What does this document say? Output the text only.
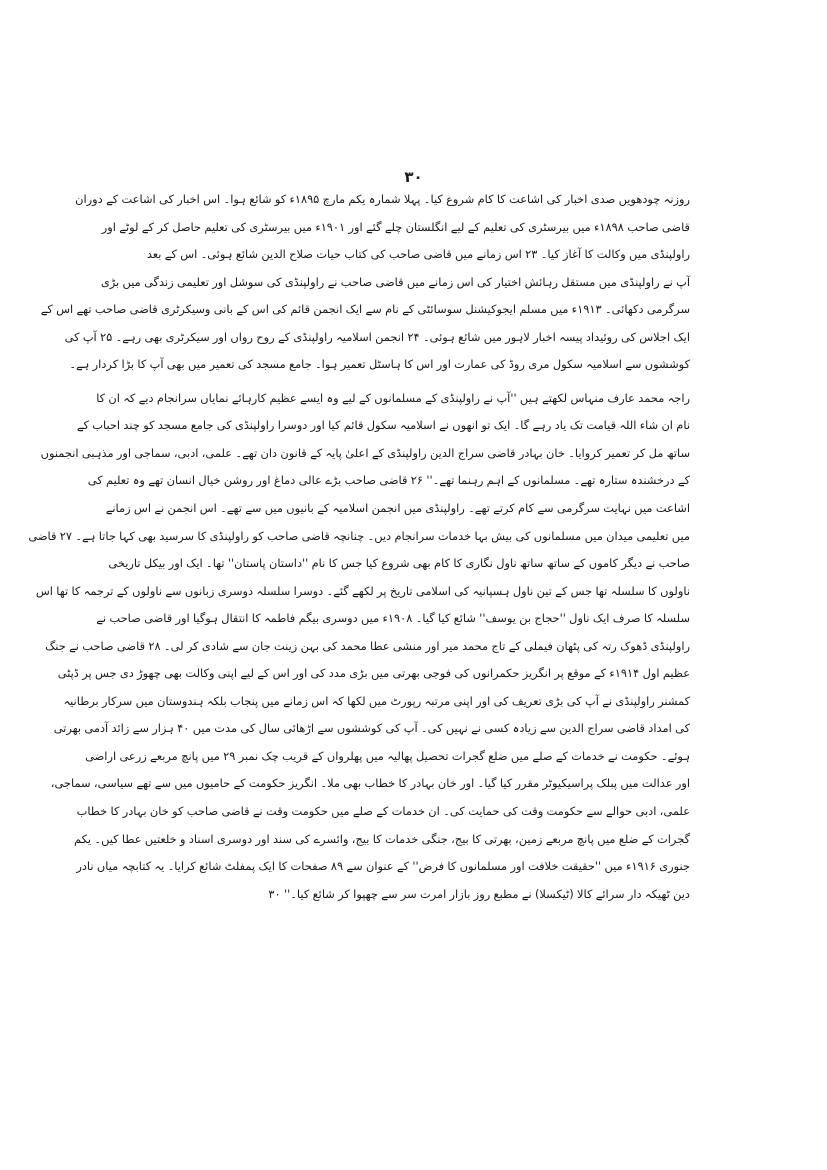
۳۰
روزنہ چودھویں صدی اخبار کی اشاعت کا کام شروع کیا۔ پہلا شمارہ یکم مارچ ۱۸۹۵ء کو شائع ہوا۔ اس اخبار کی اشاعت کے دوران
قاضی صاحب ۱۸۹۸ء میں بیرسٹری کی تعلیم کے لیے انگلستان چلے گئے اور ۱۹۰۱ء میں بیرسٹری کی تعلیم حاصل کر کے لوٹے اور
راولپنڈی میں وکالت کا آغاز کیا۔ ۲۳ اس زمانے میں قاضی صاحب کی کتاب حیات صلاح الدین شائع ہوئی۔ اس کے بعد
آپ نے راولپنڈی میں مستقل رہائش اختیار کی اس زمانے میں قاضی صاحب نے راولپنڈی کی سوشل اور تعلیمی زندگی میں بڑی
سرگرمی دکھائی۔ ۱۹۱۳ء میں مسلم ایجوکیشنل سوسائٹی کے نام سے ایک انجمن قائم کی اس کے بانی وسیکرٹری قاضی صاحب تھے اس کے
ایک اجلاس کی روئیداد پیسہ اخبار لاہور میں شائع ہوئی۔ ۲۴ انجمن اسلامیہ راولپنڈی کے روح رواں اور سیکرٹری بھی رہے۔ ۲۵ آپ کی
کوششوں سے اسلامیہ سکول مری روڈ کی عمارت اور اس کا ہاسٹل تعمیر ہوا۔ جامع مسجد کی تعمیر میں بھی آپ کا بڑا کردار ہے۔
راجہ محمد عارف منہاس لکھتے ہیں ''آپ نے راولپنڈی کے مسلمانوں کے لیے وہ ایسے عظیم کارہائے نمایاں سرانجام دیے کہ ان کا
نام ان شاء اللہ قیامت تک یاد رہے گا۔ ایک تو انھوں نے اسلامیہ سکول قائم کیا اور دوسرا راولپنڈی کی جامع مسجد کو چند احباب کے
ساتھ مل کر تعمیر کروایا۔ خان بہادر قاضی سراج الدین راولپنڈی کے اعلیٰ پایہ کے قانون دان تھے۔ علمی، ادبی، سماجی اور مذہبی انجمنوں
کے درخشندہ ستارہ تھے۔ مسلمانوں کے اہم رہنما تھے۔'' ۲۶ قاضی صاحب بڑے عالی دماغ اور روشن خیال انسان تھے وہ تعلیم کی
اشاعت میں نہایت سرگرمی سے کام کرتے تھے۔ راولپنڈی میں انجمن اسلامیہ کے بانیوں میں سے تھے۔ اس انجمن نے اس زمانے
میں تعلیمی میدان میں مسلمانوں کی بیش بہا خدمات سرانجام دیں۔ چنانچہ قاضی صاحب کو راولپنڈی کا سرسید بھی کہا جاتا ہے۔ ۲۷ قاضی
صاحب نے دیگر کاموں کے ساتھ ساتھ ناول نگاری کا کام بھی شروع کیا جس کا نام ''داستان پاستان'' تھا۔ ایک اور بیکل تاریخی
ناولوں کا سلسلہ تھا جس کے تین ناول ہسپانیہ کی اسلامی تاریخ پر لکھے گئے۔ دوسرا سلسلہ دوسری زبانوں سے ناولوں کے ترجمہ کا تھا اس
سلسلہ کا صرف ایک ناول ''حجاج بن یوسف'' شائع کیا گیا۔ ۱۹۰۸ء میں دوسری بیگم فاطمہ کا انتقال ہوگیا اور قاضی صاحب نے
راولپنڈی ڈھوک رتہ کی پٹھان فیملی کے تاج محمد میر اور منشی عطا محمد کی بہن زینت جان سے شادی کر لی۔ ۲۸ قاضی صاحب نے جنگ
عظیم اول ۱۹۱۴ء کے موقع پر انگریز حکمرانوں کی فوجی بھرتی میں بڑی مدد کی اور اس کے لیے اپنی وکالت بھی چھوڑ دی جس پر ڈپٹی
کمشنر راولپنڈی نے آپ کی بڑی تعریف کی اور اپنی مرتبہ رپورٹ میں لکھا کہ اس زمانے میں پنجاب بلکہ ہندوستان میں سرکار برطانیہ
کی امداد قاضی سراج الدین سے زیادہ کسی نے نہیں کی۔ آپ کی کوششوں سے اڑھائی سال کی مدت میں ۴۰ ہزار سے زائد آدمی بھرتی
ہوئے۔ حکومت نے خدمات کے صلے میں ضلع گجرات تحصیل پھالیہ میں پھلرواں کے قریب چک نمبر ۲۹ میں پانچ مربعے زرعی اراضی
اور عدالت میں پبلک پراسیکیوٹر مقرر کیا گیا۔ اور خان بہادر کا خطاب بھی ملا۔ انگریز حکومت کے حامیوں میں سے تھے سیاسی، سماجی،
علمی، ادبی حوالے سے حکومت وقت کی حمایت کی۔ ان خدمات کے صلے میں حکومت وقت نے قاضی صاحب کو خان بہادر کا خطاب
گجرات کے ضلع میں پانچ مربعے زمین، بھرتی کا بیج، جنگی خدمات کا بیج، وائسرے کی سند اور دوسری اسناد و خلعتیں عطا کیں۔ یکم
جنوری ۱۹۱۶ء میں ''حقیقت خلافت اور مسلمانوں کا فرض'' کے عنوان سے ۸۹ صفحات کا ایک پمفلٹ شائع کرایا۔ یہ کتابچہ میاں نادر
دین ٹھیکہ دار سرائے کالا (ٹیکسلا) نے مطبع روز بازار امرت سر سے چھپوا کر شائع کیا۔'' ۳۰
